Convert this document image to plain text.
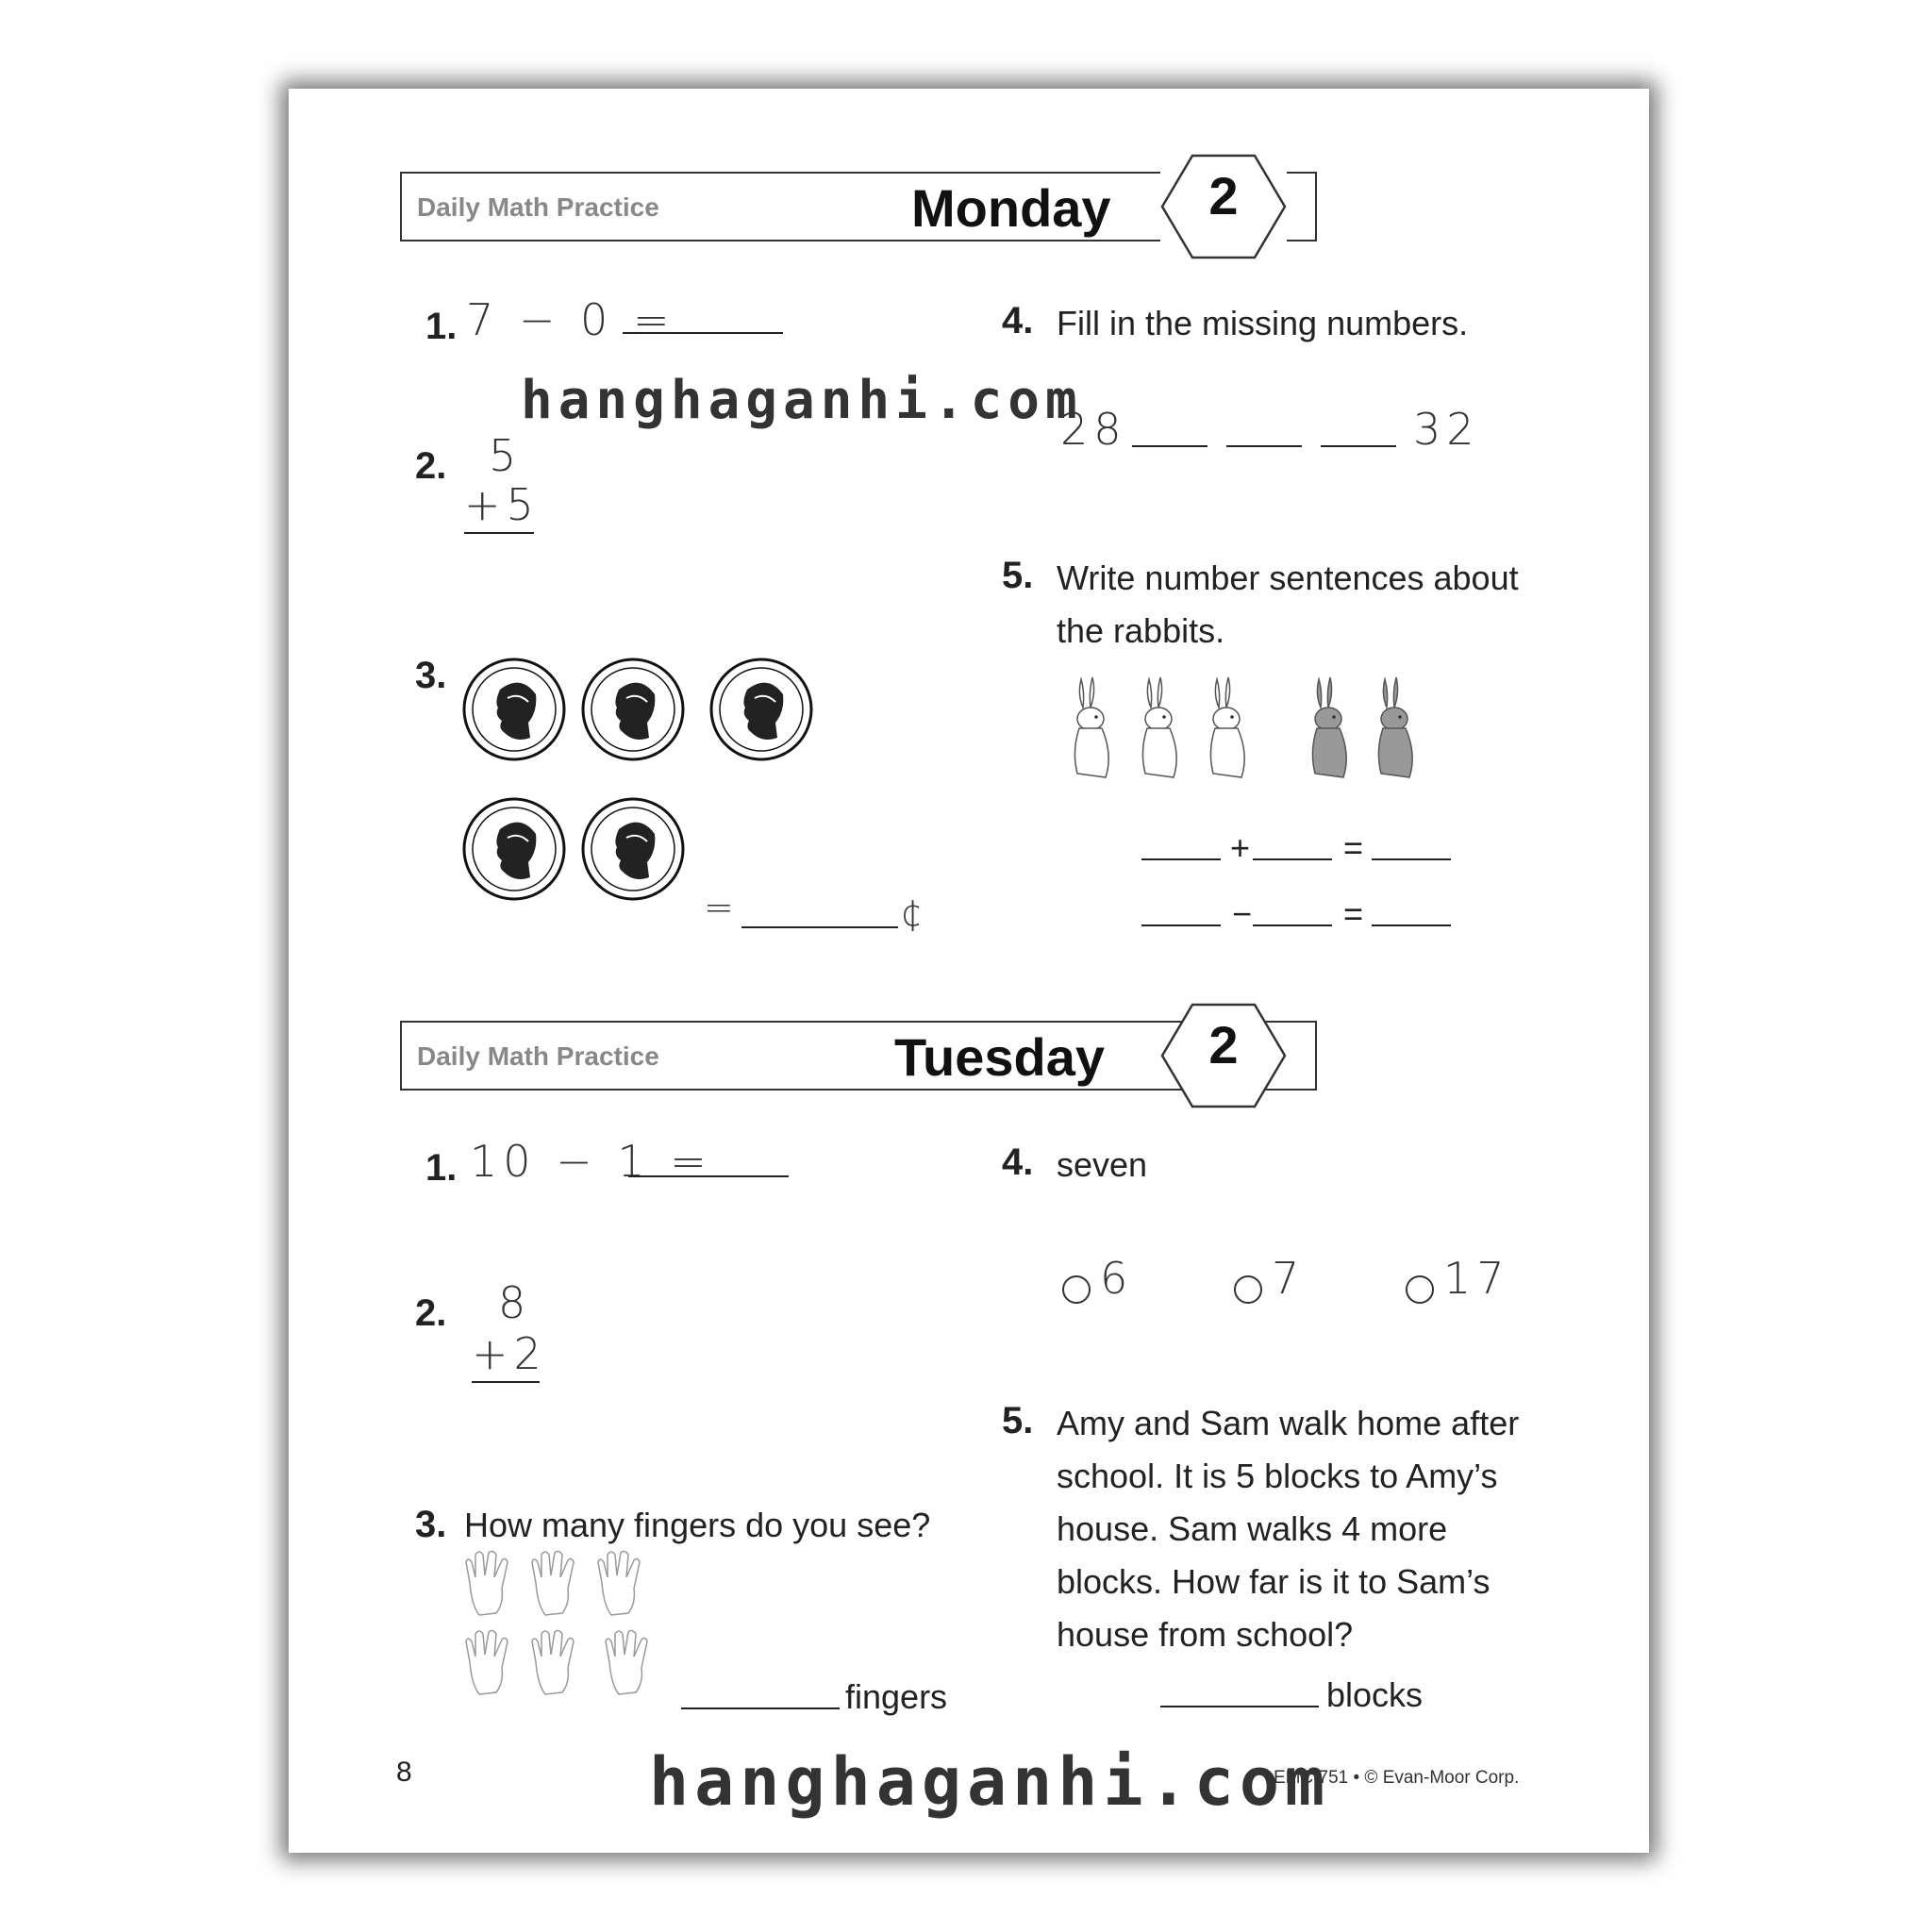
Daily Math Practice	Monday	2
1. 7 − 0 =
2. 5
+5
3.
=	¢
4. Fill in the missing numbers.
28	32
5. Write number sentences about
the rabbits.
+	=
−	=
Daily Math Practice	Tuesday	2
1. 10 − 1 =
2. 8
+2
3. How many fingers do you see?
fingers
4. seven
6	7	17
5. Amy and Sam walk home after
school. It is 5 blocks to Amy’s
house. Sam walks 4 more
blocks. How far is it to Sam’s
house from school?
blocks
8	EMC 751 • © Evan-Moor Corp.
hanghaganhi.com
hanghaganhi.com
